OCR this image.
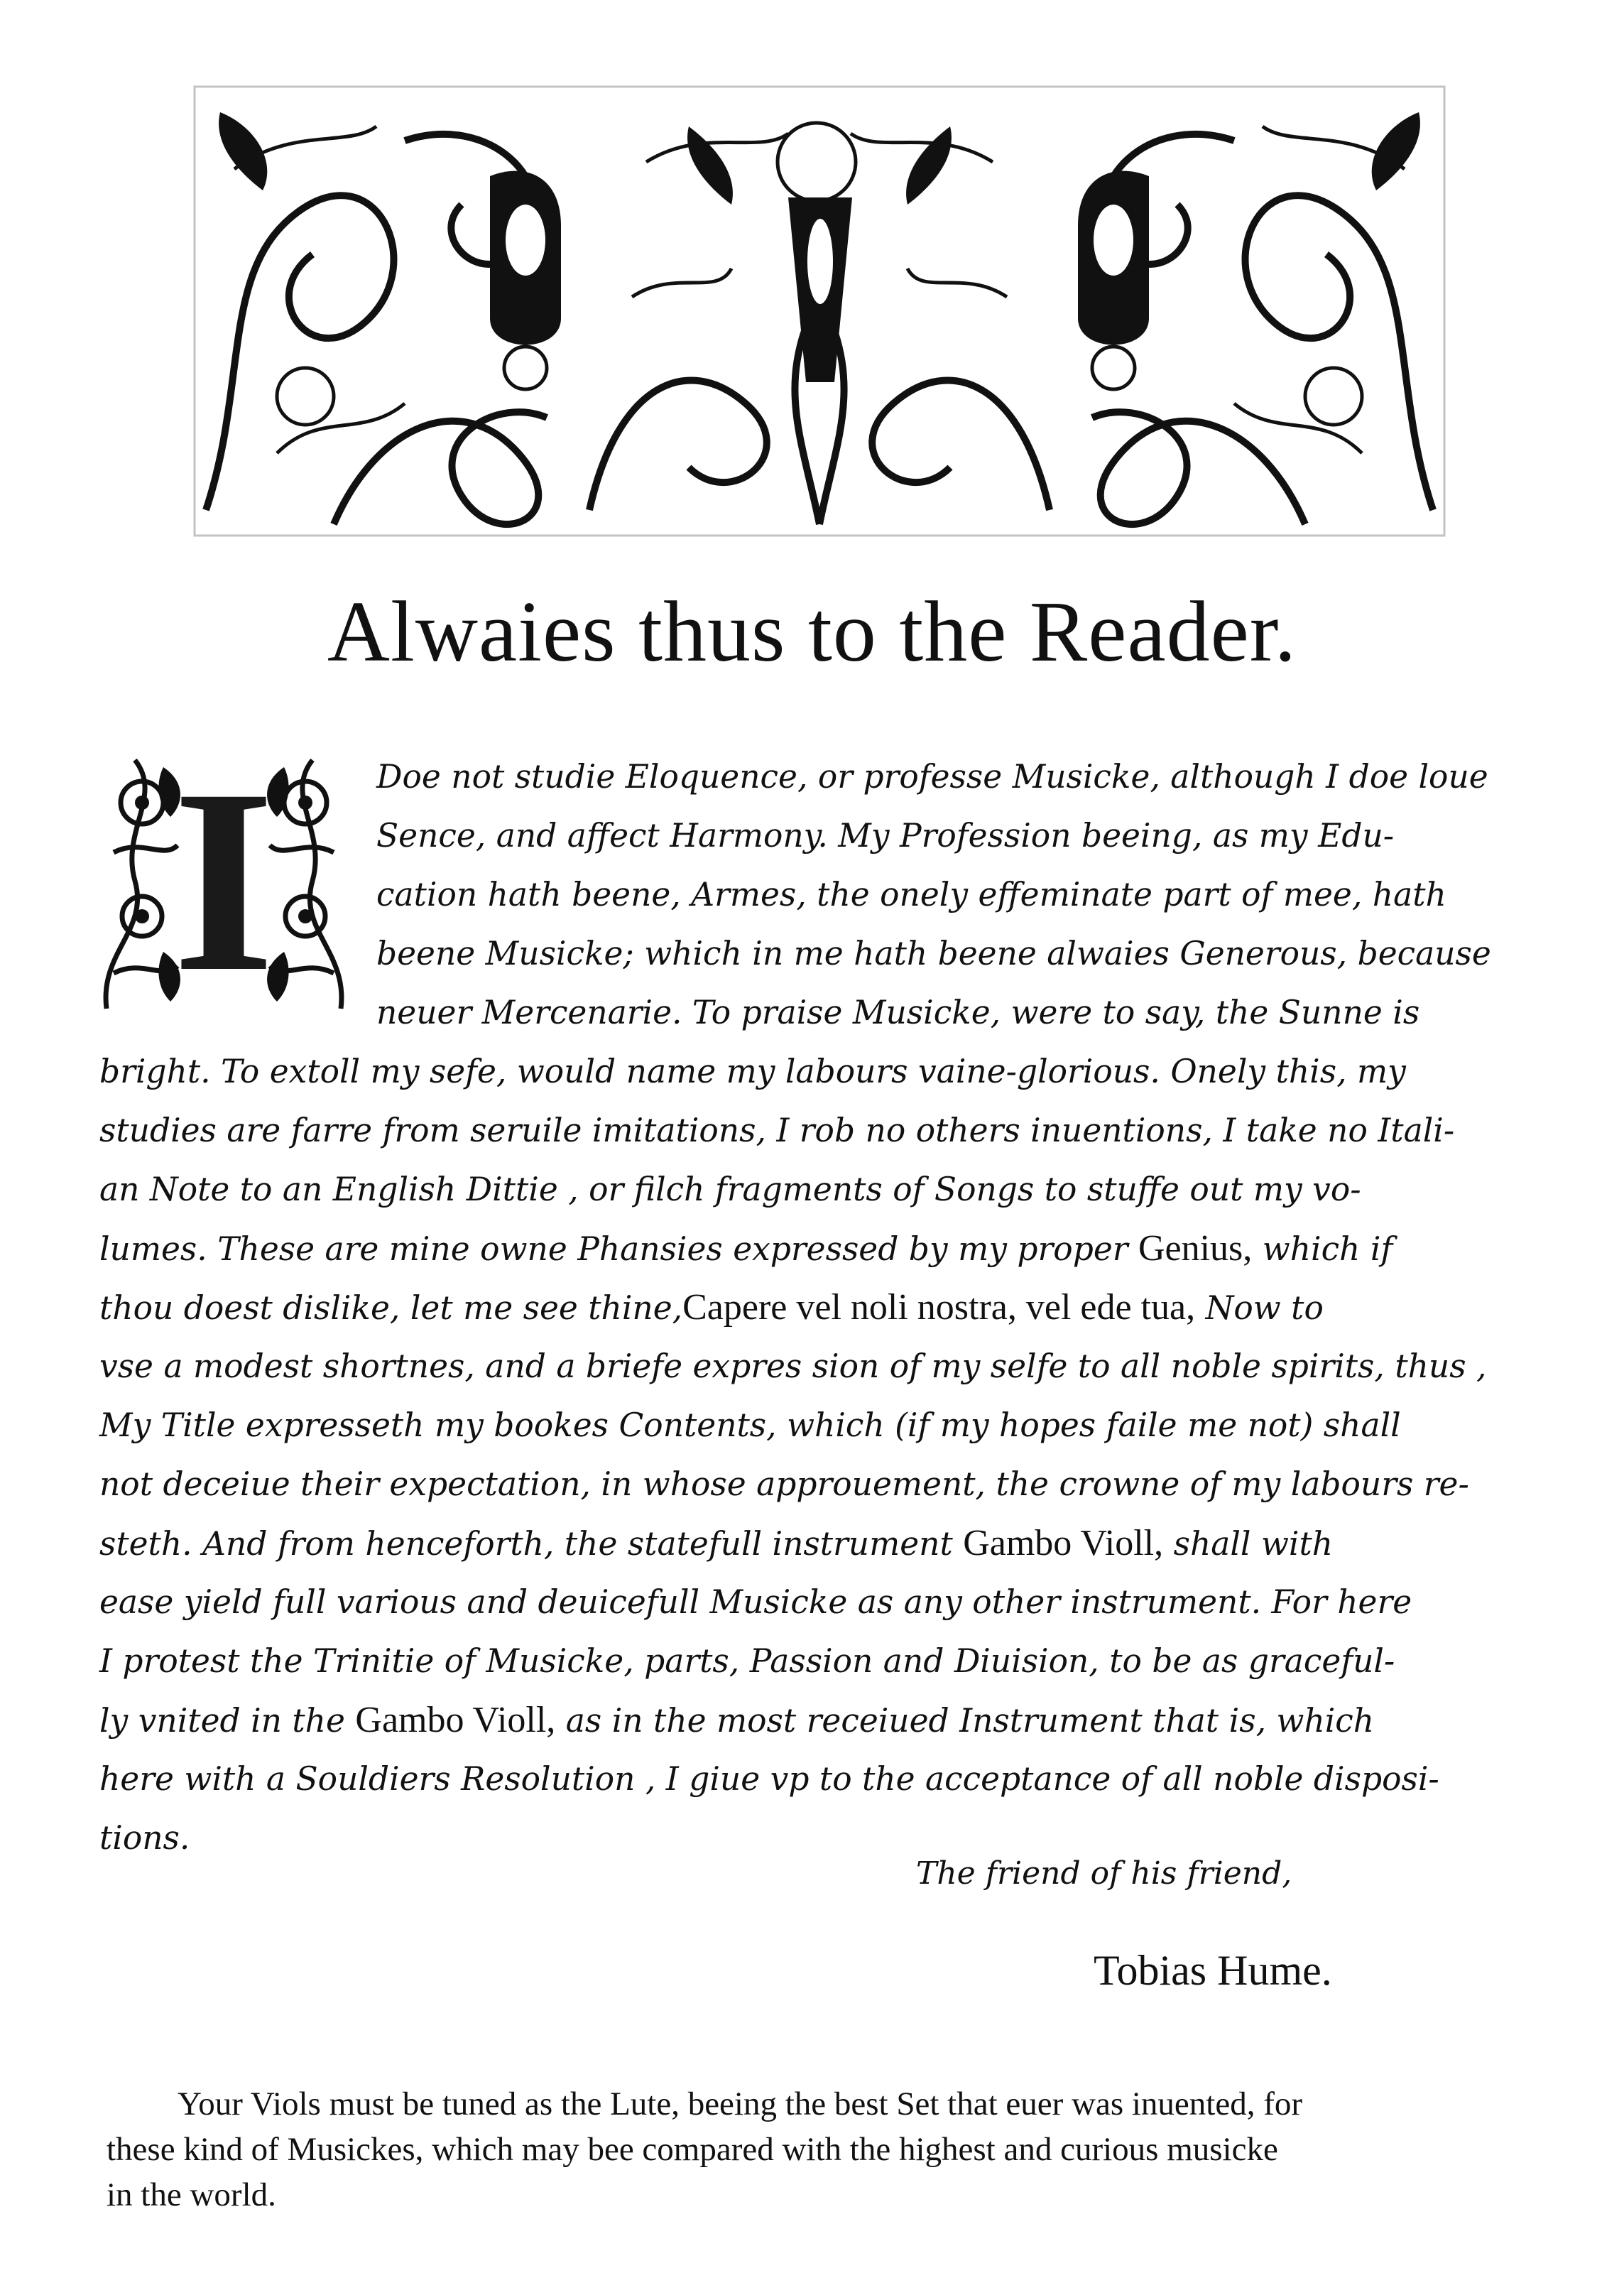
Alwaies thus to the Reader.
I	Doe not studie Eloquence, or professe Musicke, although I doe loue
Sence, and affect Harmony. My Profession beeing, as my Edu-
cation hath beene, Armes, the onely effeminate part of mee, hath
beene Musicke; which in me hath beene alwaies Generous, because
neuer Mercenarie. To praise Musicke, were to say, the Sunne is
bright. To extoll my sefe, would name my labours vaine-glorious. Onely this, my
studies are farre from seruile imitations, I rob no others inuentions, I take no Itali-
an Note to an English Dittie , or filch fragments of Songs to stuffe out my vo-
lumes. These are mine owne Phansies expressed by my proper Genius, which if
thou doest dislike, let me see thine,Capere vel noli nostra, vel ede tua, Now to
vse a modest shortnes, and a briefe expres sion of my selfe to all noble spirits, thus ,
My Title expresseth my bookes Contents, which (if my hopes faile me not) shall
not deceiue their expectation, in whose approuement, the crowne of my labours re-
steth. And from henceforth, the statefull instrument Gambo Violl, shall with
ease yield full various and deuicefull Musicke as any other instrument. For here
I protest the Trinitie of Musicke, parts, Passion and Diuision, to be as graceful-
ly vnited in the Gambo Violl, as in the most receiued Instrument that is, which
here with a Souldiers Resolution , I giue vp to the acceptance of all noble disposi-
tions.
The friend of his friend,
Tobias Hume.
Your Viols must be tuned as the Lute, beeing the best Set that euer was inuented, for
these kind of Musickes, which may bee compared with the highest and curious musicke
in the world.
